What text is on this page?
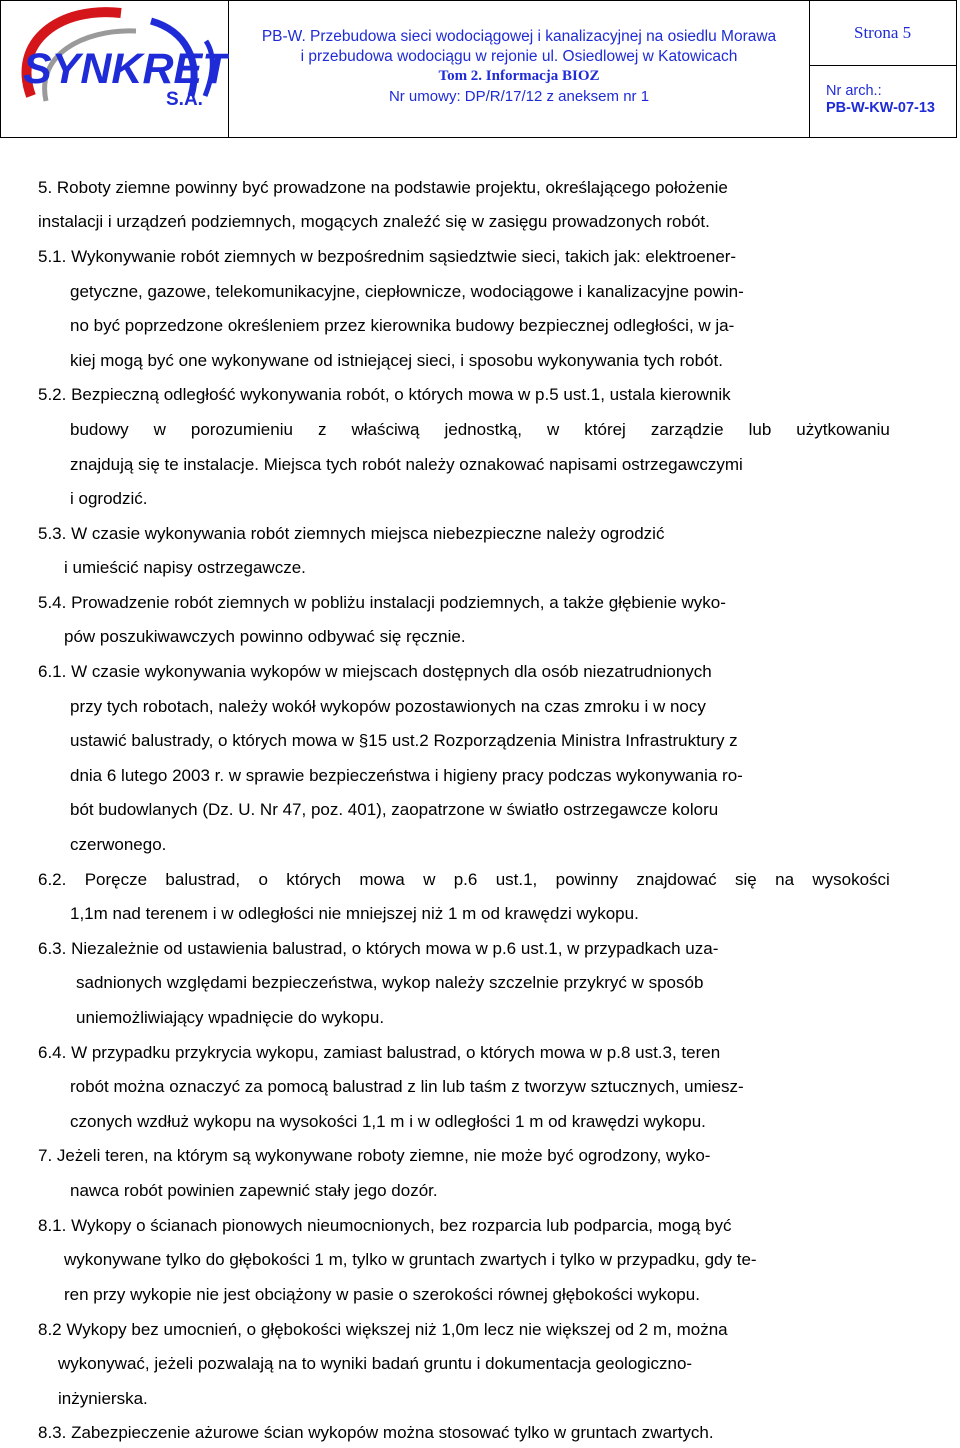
SYNKRET
S.A.
PB-W. Przebudowa sieci wodociągowej i kanalizacyjnej na osiedlu Morawa
i przebudowa wodociągu w rejonie ul. Osiedlowej w Katowicach
Tom 2. Informacja BIOZ
Nr umowy: DP/R/17/12 z aneksem nr 1
Strona 5
Nr arch.:
PB-W-KW-07-13
5. Roboty ziemne powinny być prowadzone na podstawie projektu, określającego położenie
instalacji i urządzeń podziemnych, mogących znaleźć się w zasięgu prowadzonych robót.
5.1. Wykonywanie robót ziemnych w bezpośrednim sąsiedztwie sieci, takich jak: elektroener-
getyczne, gazowe, telekomunikacyjne, ciepłownicze, wodociągowe i kanalizacyjne powin-
no być poprzedzone określeniem przez kierownika budowy bezpiecznej odległości, w ja-
kiej mogą być one wykonywane od istniejącej sieci, i sposobu wykonywania tych robót.
5.2. Bezpieczną odległość wykonywania robót, o których mowa w p.5 ust.1, ustala kierownik
budowy w porozumieniu z właściwą jednostką, w której zarządzie lub użytkowaniu
znajdują się te instalacje. Miejsca tych robót należy oznakować napisami ostrzegawczymi
i ogrodzić.
5.3. W czasie wykonywania robót ziemnych miejsca niebezpieczne należy ogrodzić
i umieścić napisy ostrzegawcze.
5.4. Prowadzenie robót ziemnych w pobliżu instalacji podziemnych, a także głębienie wyko-
pów poszukiwawczych powinno odbywać się ręcznie.
6.1. W czasie wykonywania wykopów w miejscach dostępnych dla osób niezatrudnionych
przy tych robotach, należy wokół wykopów pozostawionych na czas zmroku i w nocy
ustawić balustrady, o których mowa w §15 ust.2 Rozporządzenia Ministra Infrastruktury z
dnia 6 lutego 2003 r. w sprawie bezpieczeństwa i higieny pracy podczas wykonywania ro-
bót budowlanych (Dz. U. Nr 47, poz. 401), zaopatrzone w światło ostrzegawcze koloru
czerwonego.
6.2. Poręcze balustrad, o których mowa w p.6 ust.1, powinny znajdować się na wysokości
1,1m nad terenem i w odległości nie mniejszej niż 1 m od krawędzi wykopu.
6.3. Niezależnie od ustawienia balustrad, o których mowa w p.6 ust.1, w przypadkach uza-
sadnionych względami bezpieczeństwa, wykop należy szczelnie przykryć w sposób
uniemożliwiający wpadnięcie do wykopu.
6.4. W przypadku przykrycia wykopu, zamiast balustrad, o których mowa w p.8 ust.3, teren
robót można oznaczyć za pomocą balustrad z lin lub taśm z tworzyw sztucznych, umiesz-
czonych wzdłuż wykopu na wysokości 1,1 m i w odległości 1 m od krawędzi wykopu.
7. Jeżeli teren, na którym są wykonywane roboty ziemne, nie może być ogrodzony, wyko-
nawca robót powinien zapewnić stały jego dozór.
8.1. Wykopy o ścianach pionowych nieumocnionych, bez rozparcia lub podparcia, mogą być
wykonywane tylko do głębokości 1 m, tylko w gruntach zwartych i tylko w przypadku, gdy te-
ren przy wykopie nie jest obciążony w pasie o szerokości równej głębokości wykopu.
8.2 Wykopy bez umocnień, o głębokości większej niż 1,0m lecz nie większej od 2 m, można
wykonywać, jeżeli pozwalają na to wyniki badań gruntu i dokumentacja geologiczno-
inżynierska.
8.3. Zabezpieczenie ażurowe ścian wykopów można stosować tylko w gruntach zwartych.
